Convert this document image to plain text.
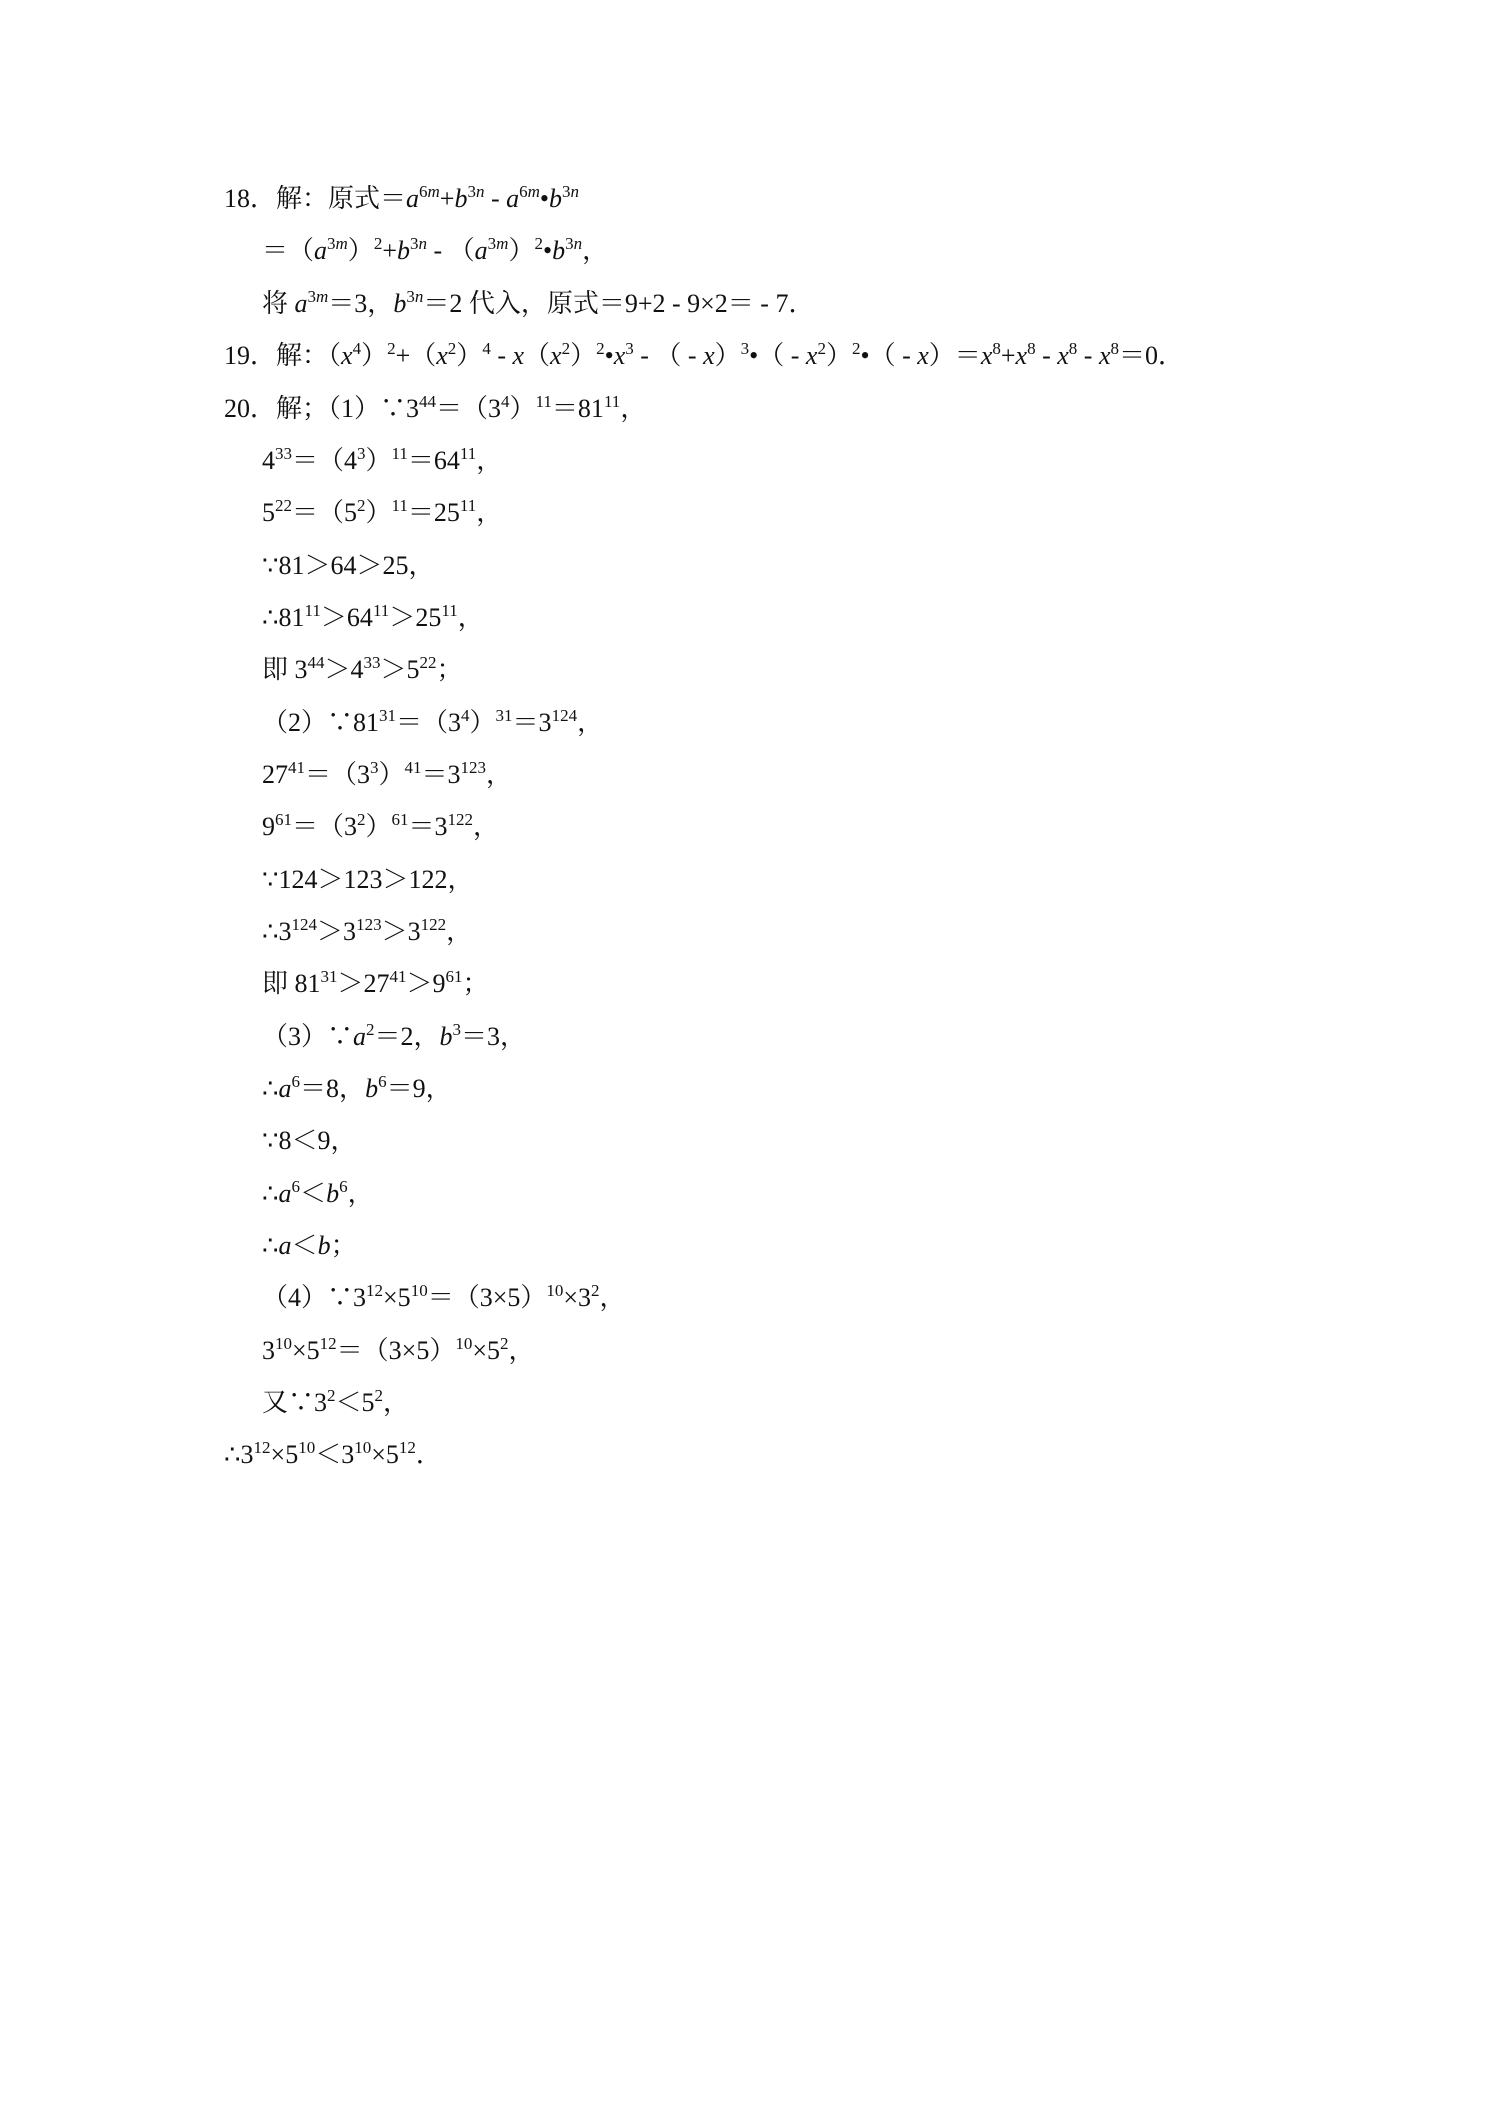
18．解：原式$=a^{6m}+b^{3n}$ - $a^{6m}•b^{3n}$
$=(a^{3m})^2+b^{3n}$ - $(a^{3m})^2•b^{3n}$，
将 $a^{3m}=3$，$b^{3n}=2$ 代入，原式＝9+2 - 9×2＝ - 7．
19．解：$(x^4)^2+(x^2)^4$ - $x(x^2)^2•x^3$ - （ - x）$^3$•（ - $x^2)^2•( - x)=x^8+x^8 - x^8 - x^8=0$．
20．解；$(1)\because 3^{44}=(3^4)^{11}=81^{11}$，
$4^{33}=(4^3)^{11}=64^{11}$，
$5^{22}=(5^2)^{11}=25^{11}$，
∵81＞64＞25，
$\therefore 81^{11}>64^{11}>25^{11}$，
即 $3^{44}>4^{33}>5^{22}$；
$(2)\because 81^{31}=(3^4)^{31}=3^{124}$，
$27^{41}=(3^3)^{41}=3^{123}$，
$9^{61}=(3^2)^{61}=3^{122}$，
∵124＞123＞122，
$\therefore 3^{124}>3^{123}>3^{122}$，
即 $81^{31}>27^{41}>9^{61}$；
$(3)\because a^2=2$，$b^3=3$，
$\therefore a^6=8$，$b^6=9$，
∵8＜9，
$\therefore a^6<b^6$，
∴a＜b；
$(4)\because 3^{12}\times 5^{10}=(3\times 5)^{10}\times 3^2$，
$3^{10}\times 5^{12}=(3\times 5)^{10}\times 5^2$，
又$\because 3^2<5^2$，
$\therefore 3^{12}\times 5^{10}<3^{10}\times 5^{12}$．
